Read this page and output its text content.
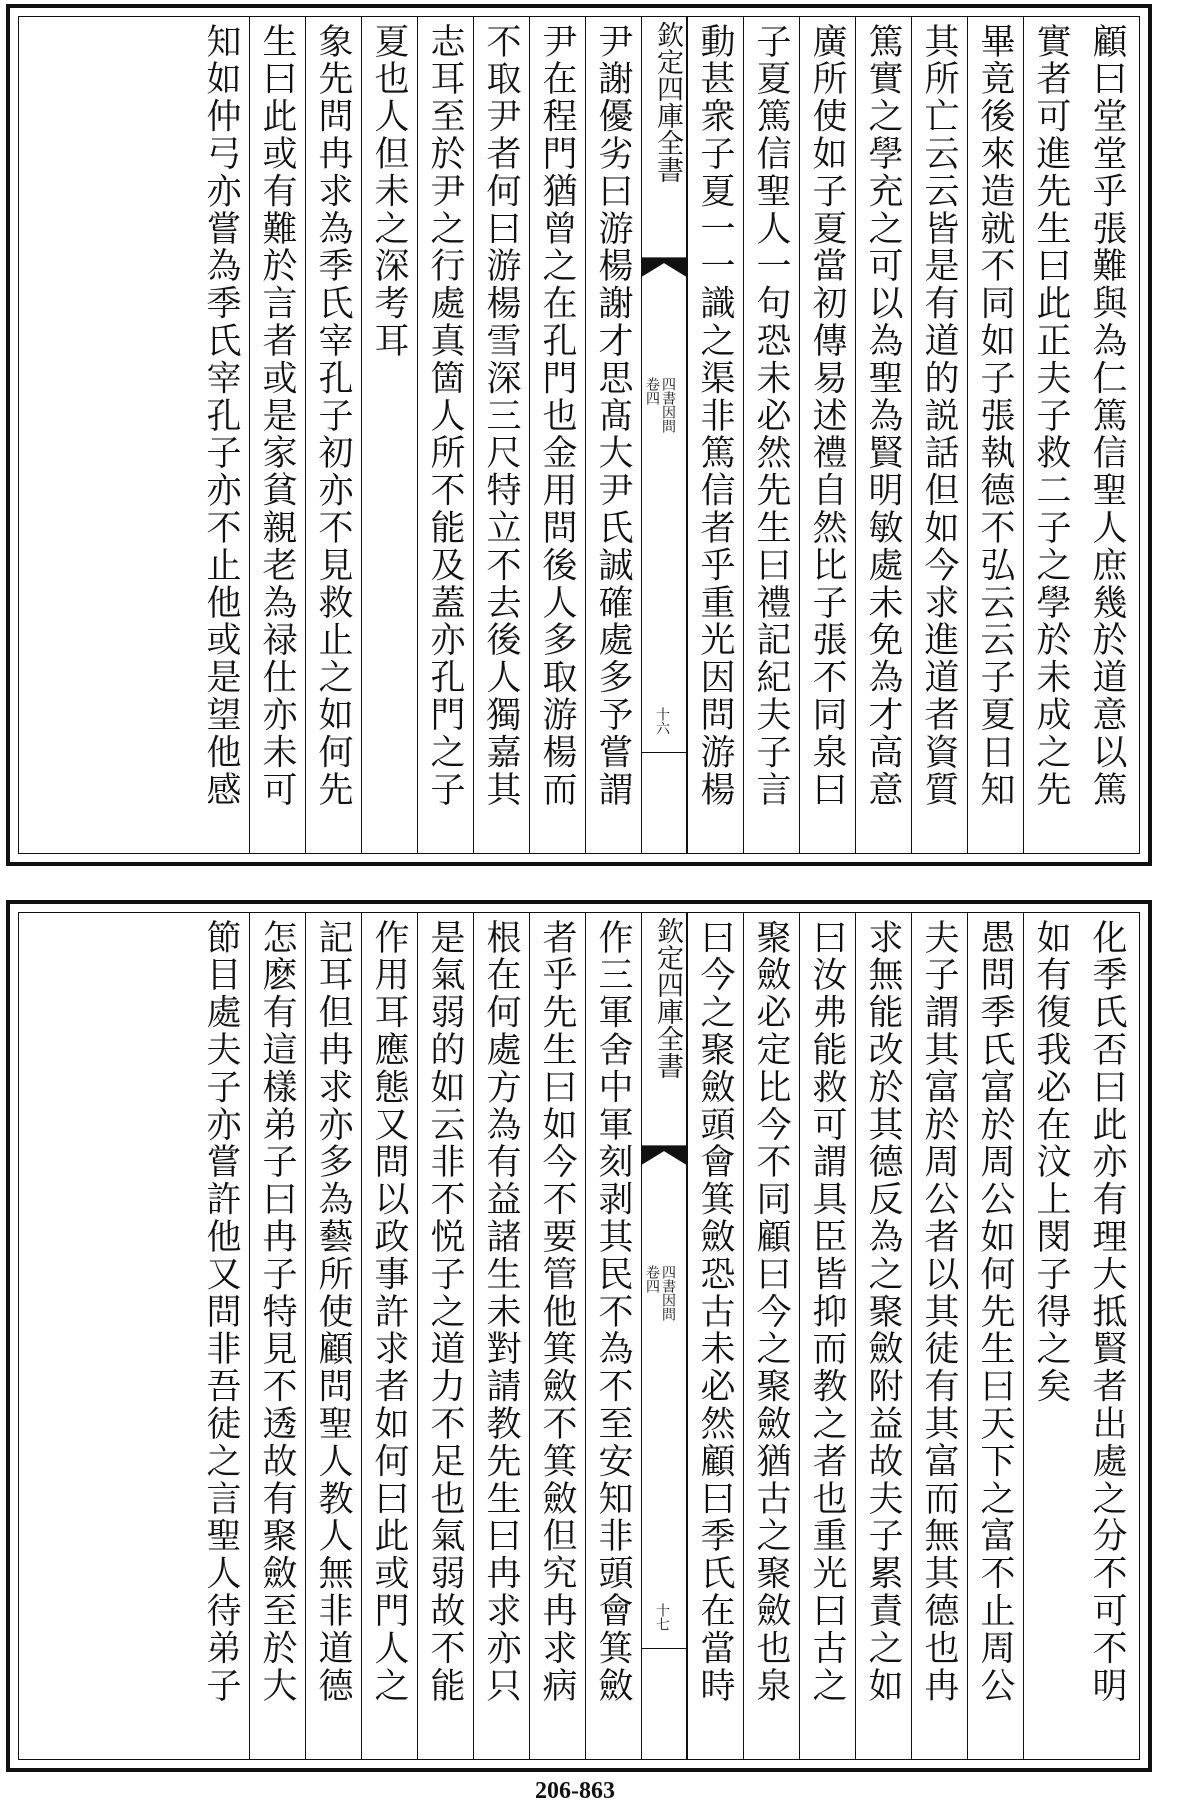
顧曰堂堂乎張難與為仁篤信聖人庶幾於道意以篤
實者可進先生曰此正夫子救二子之學於未成之先
畢竟後來造就不同如子張執德不弘云云子夏日知
其所亡云云皆是有道的説話但如今求進道者資質
篤實之學充之可以為聖為賢明敏處未免為才高意
廣所使如子夏當初傳易述禮自然比子張不同泉曰
子夏篤信聖人一句恐未必然先生曰禮記紀夫子言
動甚衆子夏一一識之渠非篤信者乎重光因問游楊
欽定四庫全書
四書因問
卷四
十六
尹謝優劣曰游楊謝才思髙大尹氏誠確處多予嘗謂
尹在程門猶曾之在孔門也金用問後人多取游楊而
不取尹者何曰游楊雪深三尺特立不去後人獨嘉其
志耳至於尹之行處真箇人所不能及蓋亦孔門之子
夏也人但未之深考耳
象先問冉求為季氏宰孔子初亦不見救止之如何先
生曰此或有難於言者或是家貧親老為禄仕亦未可
知如仲弓亦嘗為季氏宰孔子亦不止他或是望他感
化季氏否曰此亦有理大抵賢者出處之分不可不明
如有復我必在汶上閔子得之矣
愚問季氏富於周公如何先生曰天下之富不止周公
夫子謂其富於周公者以其徒有其富而無其德也冉
求無能改於其德反為之聚斂附益故夫子累責之如
曰汝弗能救可謂具臣皆抑而教之者也重光曰古之
聚斂必定比今不同顧曰今之聚斂猶古之聚斂也泉
曰今之聚斂頭會箕斂恐古未必然顧曰季氏在當時
欽定四庫全書
四書因問
卷四
十七
作三軍舍中軍刻剥其民不為不至安知非頭會箕斂
者乎先生曰如今不要管他箕斂不箕斂但究冉求病
根在何處方為有益諸生未對請教先生曰冉求亦只
是氣弱的如云非不悦子之道力不足也氣弱故不能
作用耳應態又問以政事許求者如何曰此或門人之
記耳但冉求亦多為藝所使顧問聖人教人無非道德
怎麽有這樣弟子曰冉子特見不透故有聚斂至於大
節目處夫子亦嘗許他又問非吾徒之言聖人待弟子
206-863
